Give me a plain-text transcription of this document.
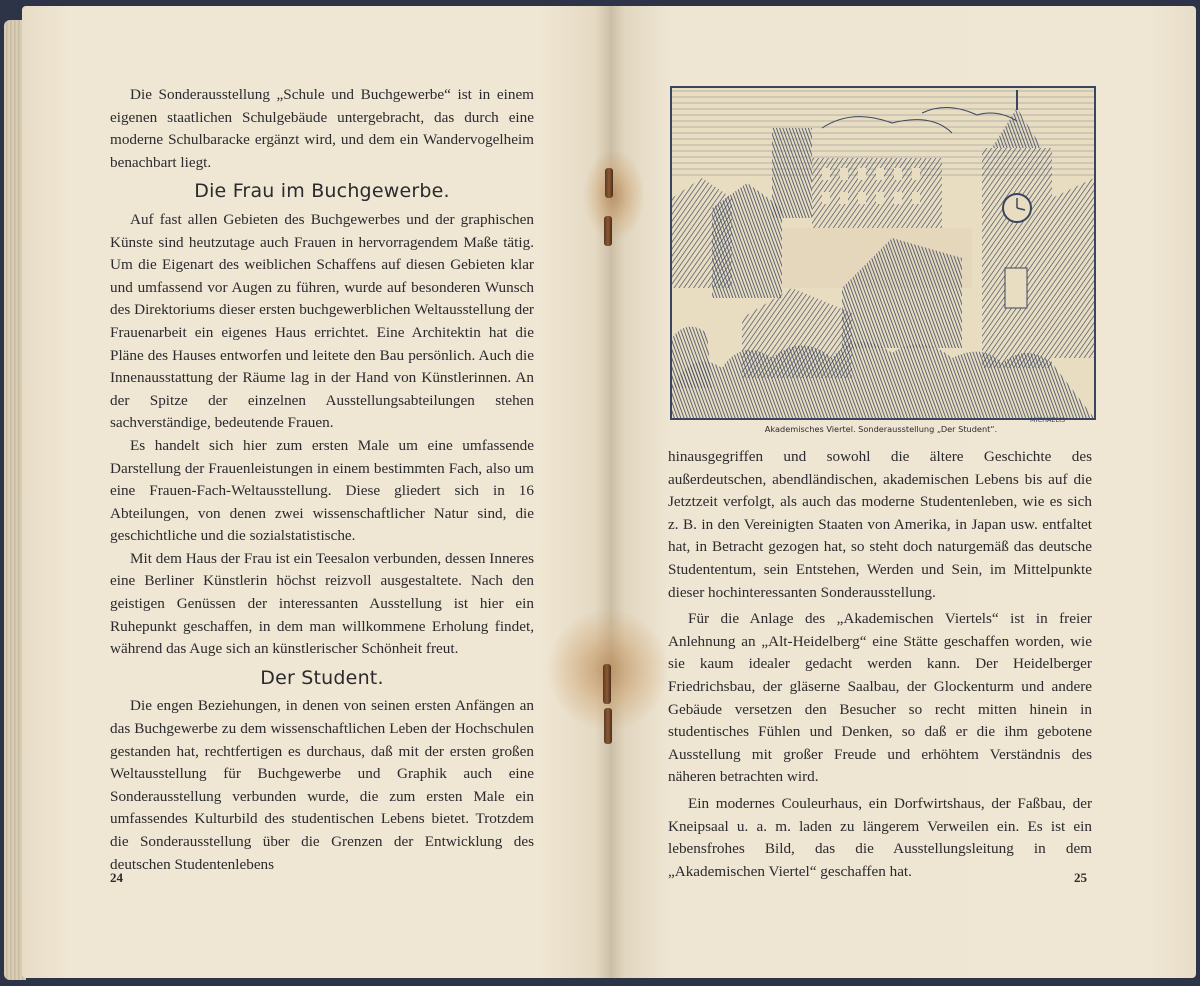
Die Sonderausstellung „Schule und Buchgewerbe“ ist in einem eigenen staatlichen Schulgebäude untergebracht, das durch eine moderne Schulbaracke ergänzt wird, und dem ein Wandervogelheim benachbart liegt.

Die Frau im Buchgewerbe.

Auf fast allen Gebieten des Buchgewerbes und der graphischen Künste sind heutzutage auch Frauen in hervorragendem Maße tätig. Um die Eigenart des weiblichen Schaffens auf diesen Gebieten klar und umfassend vor Augen zu führen, wurde auf besonderen Wunsch des Direktoriums dieser ersten buchgewerblichen Weltausstellung der Frauenarbeit ein eigenes Haus errichtet. Eine Architektin hat die Pläne des Hauses entworfen und leitete den Bau persönlich. Auch die Innenausstattung der Räume lag in der Hand von Künstlerinnen. An der Spitze der einzelnen Ausstellungsabteilungen stehen sachverständige, bedeutende Frauen.

Es handelt sich hier zum ersten Male um eine umfassende Darstellung der Frauenleistungen in einem bestimmten Fach, also um eine Frauen-Fach-Weltausstellung. Diese gliedert sich in 16 Abteilungen, von denen zwei wissenschaftlicher Natur sind, die geschichtliche und die sozialstatistische.

Mit dem Haus der Frau ist ein Teesalon verbunden, dessen Inneres eine Berliner Künstlerin höchst reizvoll ausgestaltete. Nach den geistigen Genüssen der interessanten Ausstellung ist hier ein Ruhepunkt geschaffen, in dem man willkommene Erholung findet, während das Auge sich an künstlerischer Schönheit freut.

Der Student.

Die engen Beziehungen, in denen von seinen ersten Anfängen an das Buchgewerbe zu dem wissenschaftlichen Leben der Hochschulen gestanden hat, rechtfertigen es durchaus, daß mit der ersten großen Weltausstellung für Buchgewerbe und Graphik auch eine Sonderausstellung verbunden wurde, die zum ersten Male ein umfassendes Kulturbild des studentischen Lebens bietet. Trotzdem die Sonderausstellung über die Grenzen der Entwicklung des deutschen Studentenlebens

24
MICHAELIS
Akademisches Viertel. Sonderausstellung „Der Student“.

hinausgegriffen und sowohl die ältere Geschichte des außerdeutschen, abendländischen, akademischen Lebens bis auf die Jetztzeit verfolgt, als auch das moderne Studentenleben, wie es sich z. B. in den Vereinigten Staaten von Amerika, in Japan usw. entfaltet hat, in Betracht gezogen hat, so steht doch naturgemäß das deutsche Studententum, sein Entstehen, Werden und Sein, im Mittelpunkte dieser hochinteressanten Sonderausstellung.

Für die Anlage des „Akademischen Viertels“ ist in freier Anlehnung an „Alt-Heidelberg“ eine Stätte geschaffen worden, wie sie kaum idealer gedacht werden kann. Der Heidelberger Friedrichsbau, der gläserne Saalbau, der Glockenturm und andere Gebäude versetzen den Besucher so recht mitten hinein in studentisches Fühlen und Denken, so daß er die ihm gebotene Ausstellung mit großer Freude und erhöhtem Verständnis des näheren betrachten wird.

Ein modernes Couleurhaus, ein Dorfwirtshaus, der Faßbau, der Kneipsaal u. a. m. laden zu längerem Verweilen ein. Es ist ein lebensfrohes Bild, das die Ausstellungsleitung in dem „Akademischen Viertel“ geschaffen hat.	25
